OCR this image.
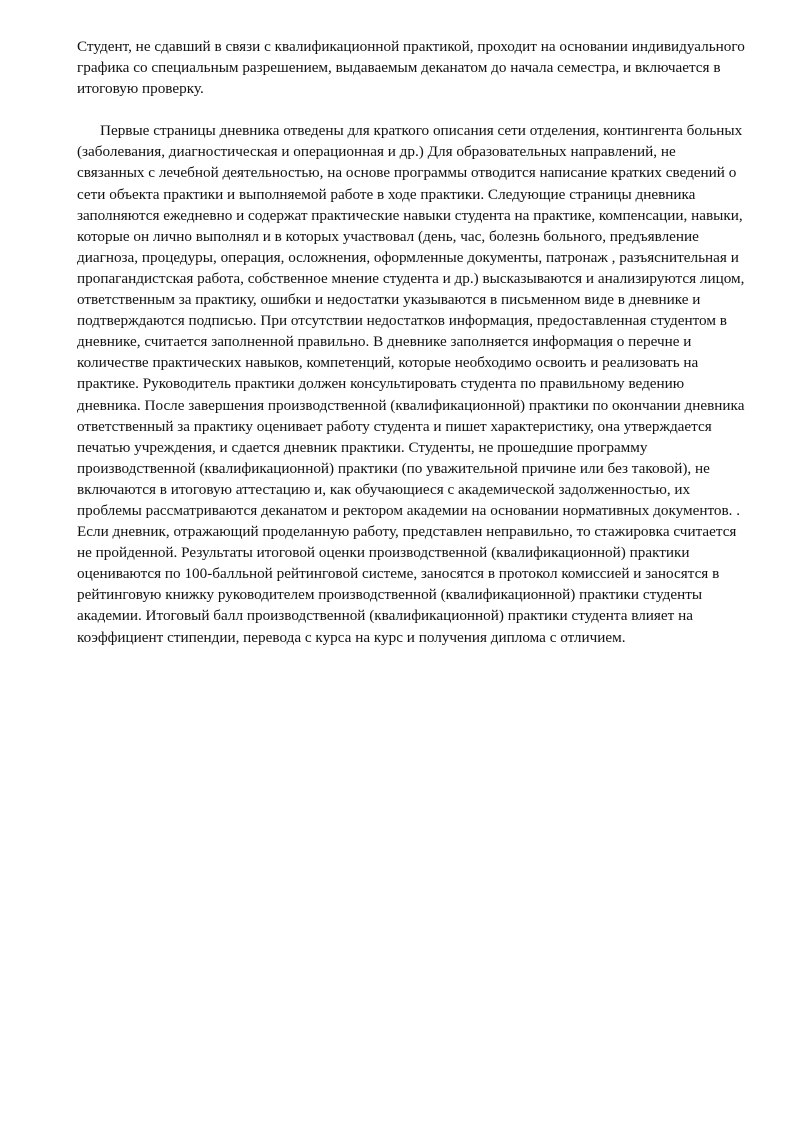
Студент, не сдавший в связи с квалификационной практикой, проходит на основании индивидуального графика со специальным разрешением, выдаваемым деканатом до начала семестра, и включается в итоговую проверку.

Первые страницы дневника отведены для краткого описания сети отделения, контингента больных (заболевания, диагностическая и операционная и др.) Для образовательных направлений, не связанных с лечебной деятельностью, на основе программы отводится написание кратких сведений о сети объекта практики и выполняемой работе в ходе практики. Следующие страницы дневника заполняются ежедневно и содержат практические навыки студента на практике, компенсации, навыки, которые он лично выполнял и в которых участвовал (день, час, болезнь больного, предъявление диагноза, процедуры, операция, осложнения, оформленные документы, патронаж , разъяснительная и пропагандистская работа, собственное мнение студента и др.) высказываются и анализируются лицом, ответственным за практику, ошибки и недостатки указываются в письменном виде в дневнике и подтверждаются подписью. При отсутствии недостатков информация, предоставленная студентом в дневнике, считается заполненной правильно. В дневнике заполняется информация о перечне и количестве практических навыков, компетенций, которые необходимо освоить и реализовать на практике. Руководитель практики должен консультировать студента по правильному ведению дневника. После завершения производственной (квалификационной) практики по окончании дневника ответственный за практику оценивает работу студента и пишет характеристику, она утверждается печатью учреждения, и сдается дневник практики. Студенты, не прошедшие программу производственной (квалификационной) практики (по уважительной причине или без таковой), не включаются в итоговую аттестацию и, как обучающиеся с академической задолженностью, их проблемы рассматриваются деканатом и ректором академии на основании нормативных документов. . Если дневник, отражающий проделанную работу, представлен неправильно, то стажировка считается не пройденной. Результаты итоговой оценки производственной (квалификационной) практики оцениваются по 100-балльной рейтинговой системе, заносятся в протокол комиссией и заносятся в рейтинговую книжку руководителем производственной (квалификационной) практики студенты академии. Итоговый балл производственной (квалификационной) практики студента влияет на коэффициент стипендии, перевода с курса на курс и получения диплома с отличием.
